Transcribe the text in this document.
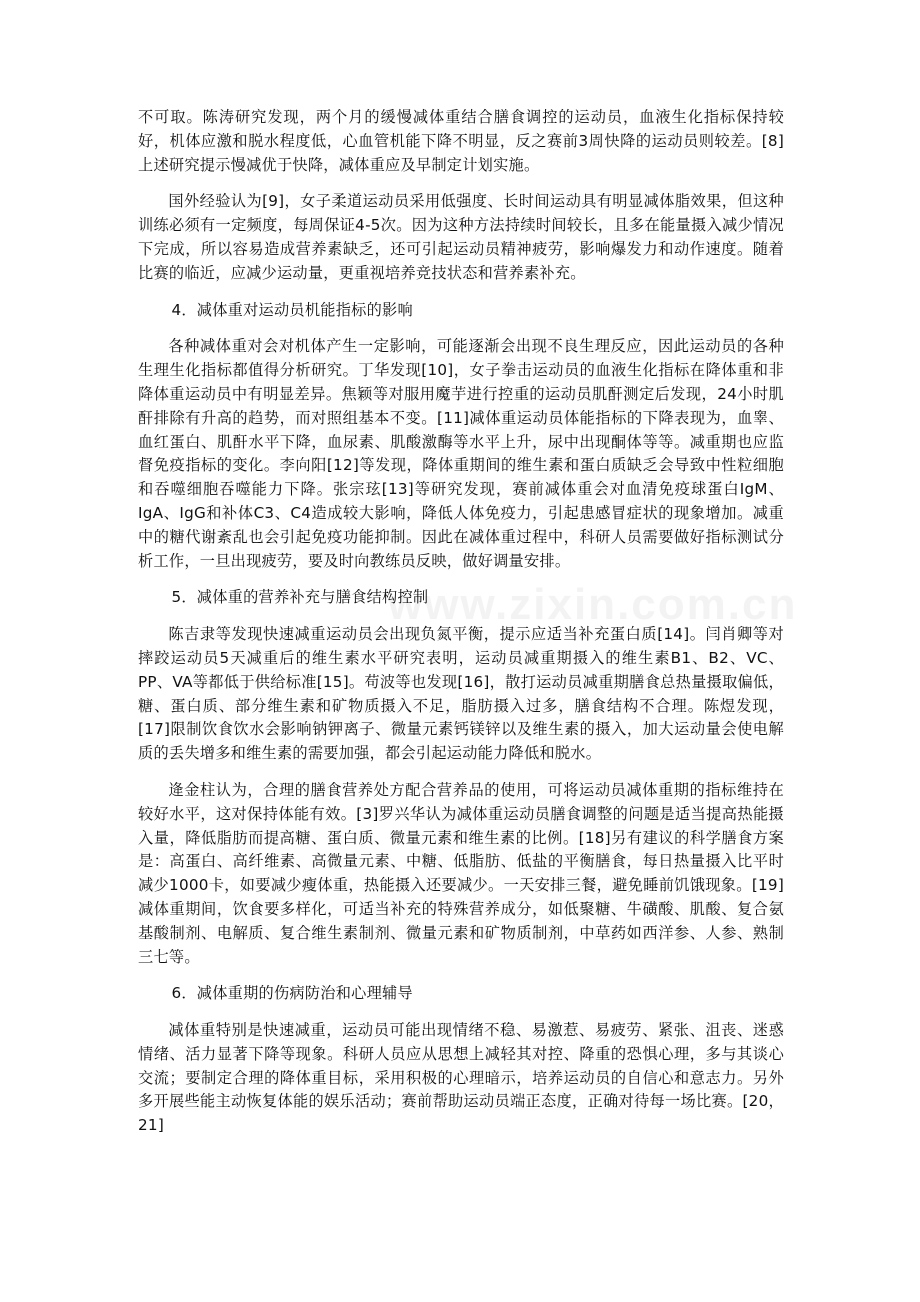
www.zixin.com.cn

不可取。陈涛研究发现，两个月的缓慢减体重结合膳食调控的运动员，血液生化指标保持较好，机体应激和脱水程度低，心血管机能下降不明显，反之赛前3周快降的运动员则较差。[8]上述研究提示慢减优于快降，减体重应及早制定计划实施。

国外经验认为[9]，女子柔道运动员采用低强度、长时间运动具有明显减体脂效果，但这种训练必须有一定频度，每周保证4-5次。因为这种方法持续时间较长，且多在能量摄入减少情况下完成，所以容易造成营养素缺乏，还可引起运动员精神疲劳，影响爆发力和动作速度。随着比赛的临近，应减少运动量，更重视培养竞技状态和营养素补充。

4．减体重对运动员机能指标的影响

各种减体重对会对机体产生一定影响，可能逐渐会出现不良生理反应，因此运动员的各种生理生化指标都值得分析研究。丁华发现[10]，女子拳击运动员的血液生化指标在降体重和非降体重运动员中有明显差异。焦颖等对服用魔芋进行控重的运动员肌酐测定后发现，24小时肌酐排除有升高的趋势，而对照组基本不变。[11]减体重运动员体能指标的下降表现为，血睾、血红蛋白、肌酐水平下降，血尿素、肌酸激酶等水平上升，尿中出现酮体等等。减重期也应监督免疫指标的变化。李向阳[12]等发现，降体重期间的维生素和蛋白质缺乏会导致中性粒细胞和吞噬细胞吞噬能力下降。张宗玹[13]等研究发现，赛前减体重会对血清免疫球蛋白IgM、IgA、IgG和补体C3、C4造成较大影响，降低人体免疫力，引起患感冒症状的现象增加。减重中的糖代谢紊乱也会引起免疫功能抑制。因此在减体重过程中，科研人员需要做好指标测试分析工作，一旦出现疲劳，要及时向教练员反映，做好调量安排。

5．减体重的营养补充与膳食结构控制

陈吉隶等发现快速减重运动员会出现负氮平衡，提示应适当补充蛋白质[14]。闫肖卿等对摔跤运动员5天减重后的维生素水平研究表明，运动员减重期摄入的维生素B1、B2、VC、PP、VA等都低于供给标准[15]。苟波等也发现[16]，散打运动员减重期膳食总热量摄取偏低，糖、蛋白质、部分维生素和矿物质摄入不足，脂肪摄入过多，膳食结构不合理。陈煜发现，[17]限制饮食饮水会影响钠钾离子、微量元素钙镁锌以及维生素的摄入，加大运动量会使电解质的丢失增多和维生素的需要加强，都会引起运动能力降低和脱水。

逄金柱认为，合理的膳食营养处方配合营养品的使用，可将运动员减体重期的指标维持在较好水平，这对保持体能有效。[3]罗兴华认为减体重运动员膳食调整的问题是适当提高热能摄入量，降低脂肪而提高糖、蛋白质、微量元素和维生素的比例。[18]另有建议的科学膳食方案是：高蛋白、高纤维素、高微量元素、中糖、低脂肪、低盐的平衡膳食，每日热量摄入比平时减少1000卡，如要减少瘦体重，热能摄入还要减少。一天安排三餐，避免睡前饥饿现象。[19]减体重期间，饮食要多样化，可适当补充的特殊营养成分，如低聚糖、牛磺酸、肌酸、复合氨基酸制剂、电解质、复合维生素制剂、微量元素和矿物质制剂，中草药如西洋参、人参、熟制三七等。

6．减体重期的伤病防治和心理辅导

减体重特别是快速减重，运动员可能出现情绪不稳、易激惹、易疲劳、紧张、沮丧、迷惑情绪、活力显著下降等现象。科研人员应从思想上减轻其对控、降重的恐惧心理，多与其谈心交流；要制定合理的降体重目标，采用积极的心理暗示，培养运动员的自信心和意志力。另外多开展些能主动恢复体能的娱乐活动；赛前帮助运动员端正态度，正确对待每一场比赛。[20，21]
